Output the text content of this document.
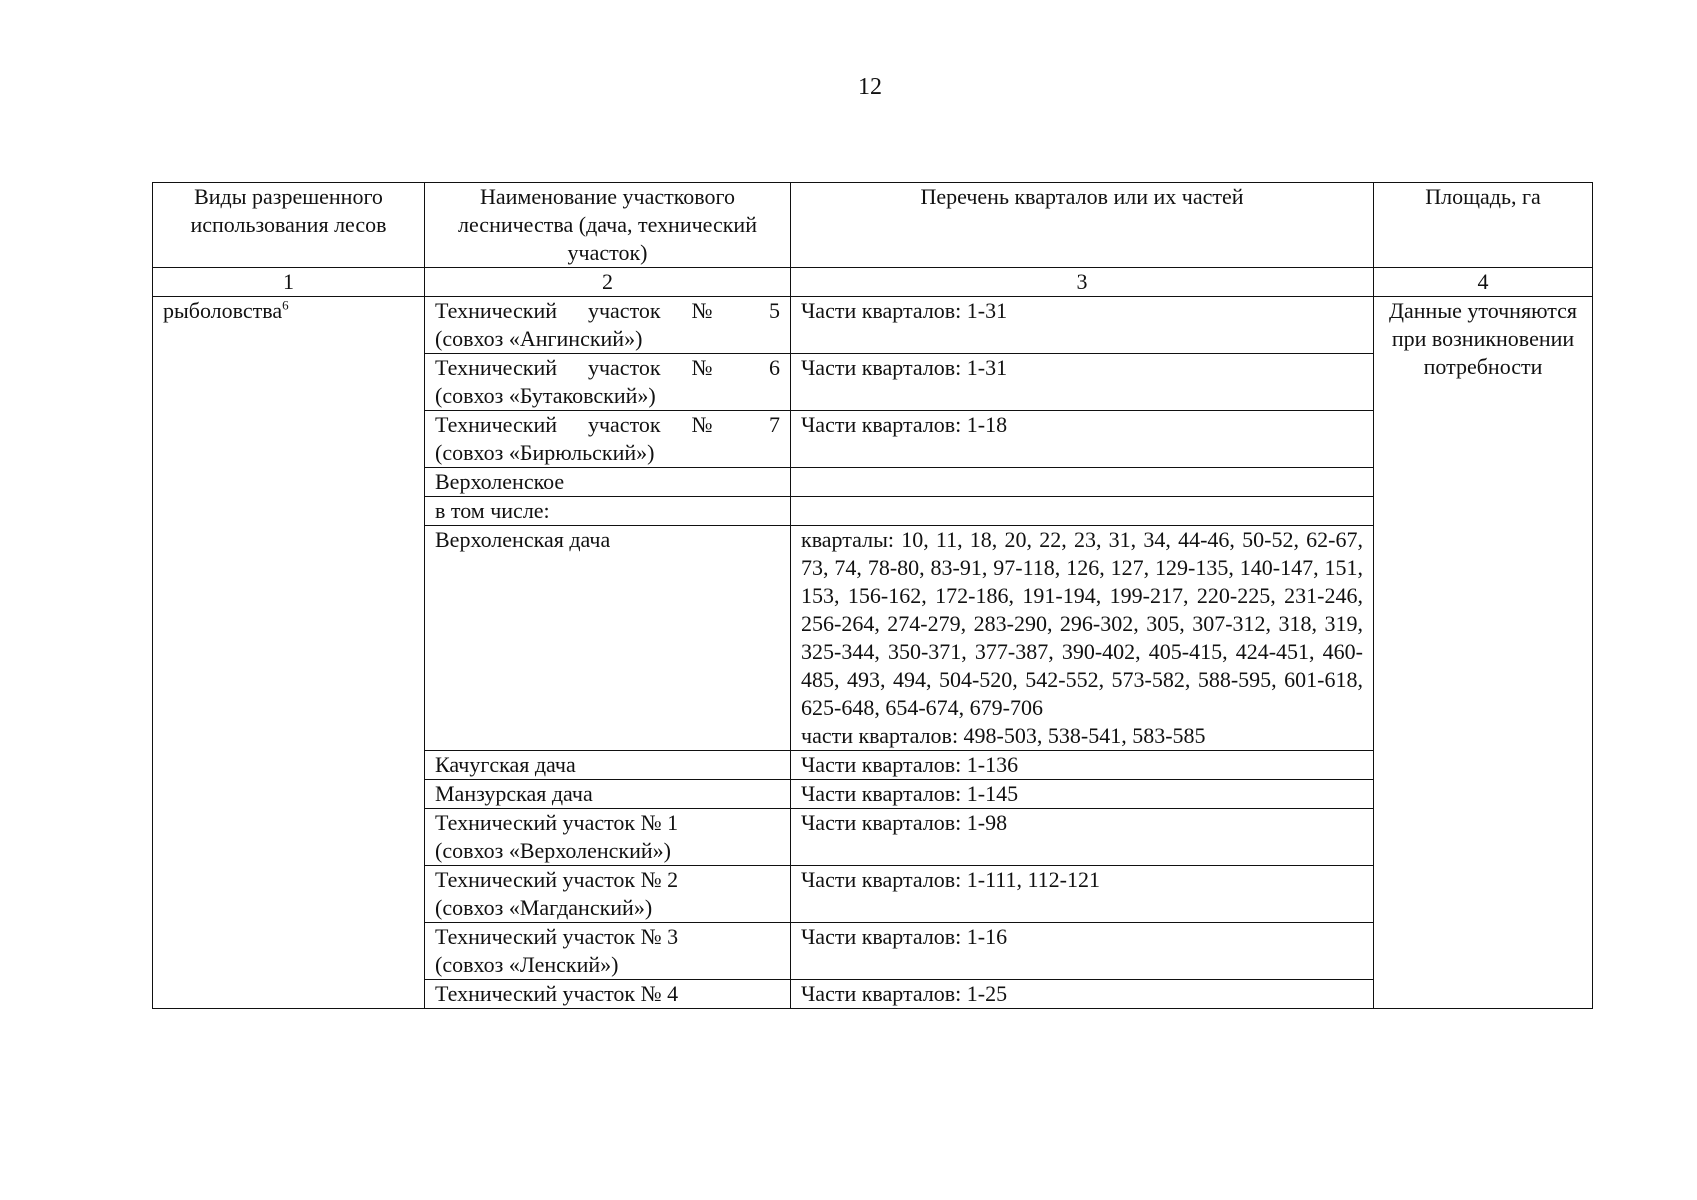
12
Виды разрешенного использования лесов	Наименование участкового лесничества (дача, технический участок)	Перечень кварталов или их частей	Площадь, га
1	2	3	4
рыболовства$^6$	Технический участок № 5
(совхоз «Ангинский»)	Части кварталов: 1-31	Данные уточняются при возникновении потребности

	Технический участок № 6
(совхоз «Бутаковский»)	Части кварталов: 1-31	

	Технический участок № 7
(совхоз «Бирюльский»)	Части кварталов: 1-18	
	Верхоленское		
	в том числе:		
	Верхоленская дача	кварталы: 10, 11, 18, 20, 22, 23, 31, 34, 44-46, 50-52, 62-67, 73, 74, 78-80, 83-91, 97-118, 126, 127, 129-135, 140-147, 151, 153, 156-162, 172-186, 191-194, 199-217, 220-225, 231-246, 256-264, 274-279, 283-290, 296-302, 305, 307-312, 318, 319, 325-344, 350-371, 377-387, 390-402, 405-415, 424-451, 460-485, 493, 494, 504-520, 542-552, 573-582, 588-595, 601-618, 625-648, 654-674, 679-706
части кварталов: 498-503, 538-541, 583-585	

	Качугская дача	Части кварталов: 1-136	
	Манзурская дача	Части кварталов: 1-145	

	Технический участок № 1
(совхоз «Верхоленский»)	Части кварталов: 1-98	

	Технический участок № 2
(совхоз «Магданский»)	Части кварталов: 1-111, 112-121	

	Технический участок № 3
(совхоз «Ленский»)	Части кварталов: 1-16	
	Технический участок № 4	Части кварталов: 1-25	
